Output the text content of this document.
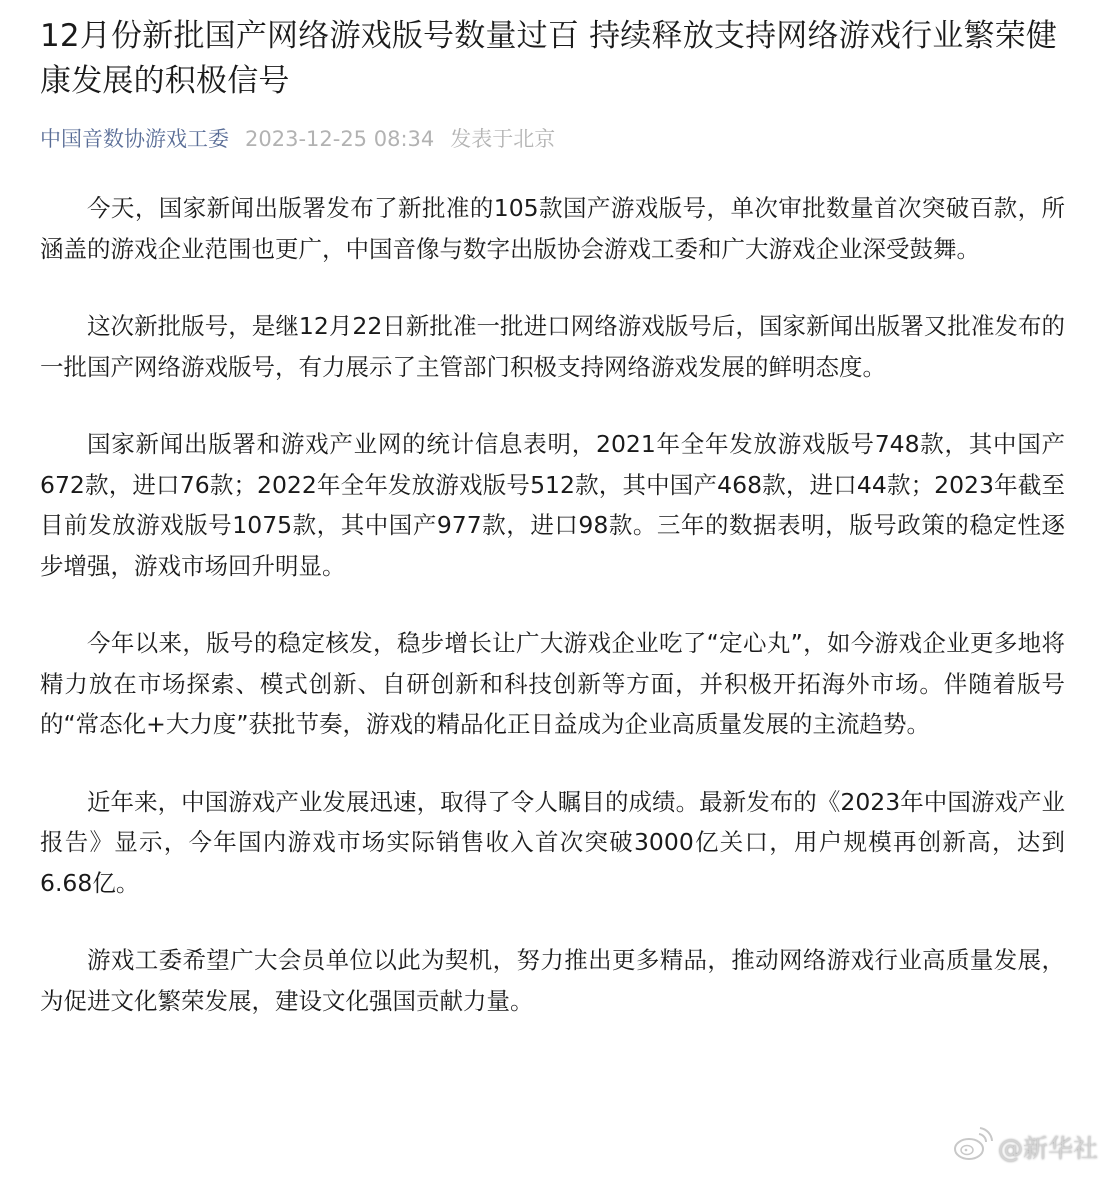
12月份新批国产网络游戏版号数量过百 持续释放支持网络游戏行业繁荣健康发展的积极信号
中国音数协游戏工委 2023-12-25 08:34 发表于北京

今天，国家新闻出版署发布了新批准的105款国产游戏版号，单次审批数量首次突破百款，所涵盖的游戏企业范围也更广，中国音像与数字出版协会游戏工委和广大游戏企业深受鼓舞。

这次新批版号，是继12月22日新批准一批进口网络游戏版号后，国家新闻出版署又批准发布的一批国产网络游戏版号，有力展示了主管部门积极支持网络游戏发展的鲜明态度。

国家新闻出版署和游戏产业网的统计信息表明，2021年全年发放游戏版号748款，其中国产672款，进口76款；2022年全年发放游戏版号512款，其中国产468款，进口44款；2023年截至目前发放游戏版号1075款，其中国产977款，进口98款。三年的数据表明，版号政策的稳定性逐步增强，游戏市场回升明显。

今年以来，版号的稳定核发，稳步增长让广大游戏企业吃了“定心丸”，如今游戏企业更多地将精力放在市场探索、模式创新、自研创新和科技创新等方面，并积极开拓海外市场。伴随着版号的“常态化+大力度”获批节奏，游戏的精品化正日益成为企业高质量发展的主流趋势。

近年来，中国游戏产业发展迅速，取得了令人瞩目的成绩。最新发布的《2023年中国游戏产业报告》显示，今年国内游戏市场实际销售收入首次突破3000亿关口，用户规模再创新高，达到6.68亿。

游戏工委希望广大会员单位以此为契机，努力推出更多精品，推动网络游戏行业高质量发展，为促进文化繁荣发展，建设文化强国贡献力量。

@新华社
